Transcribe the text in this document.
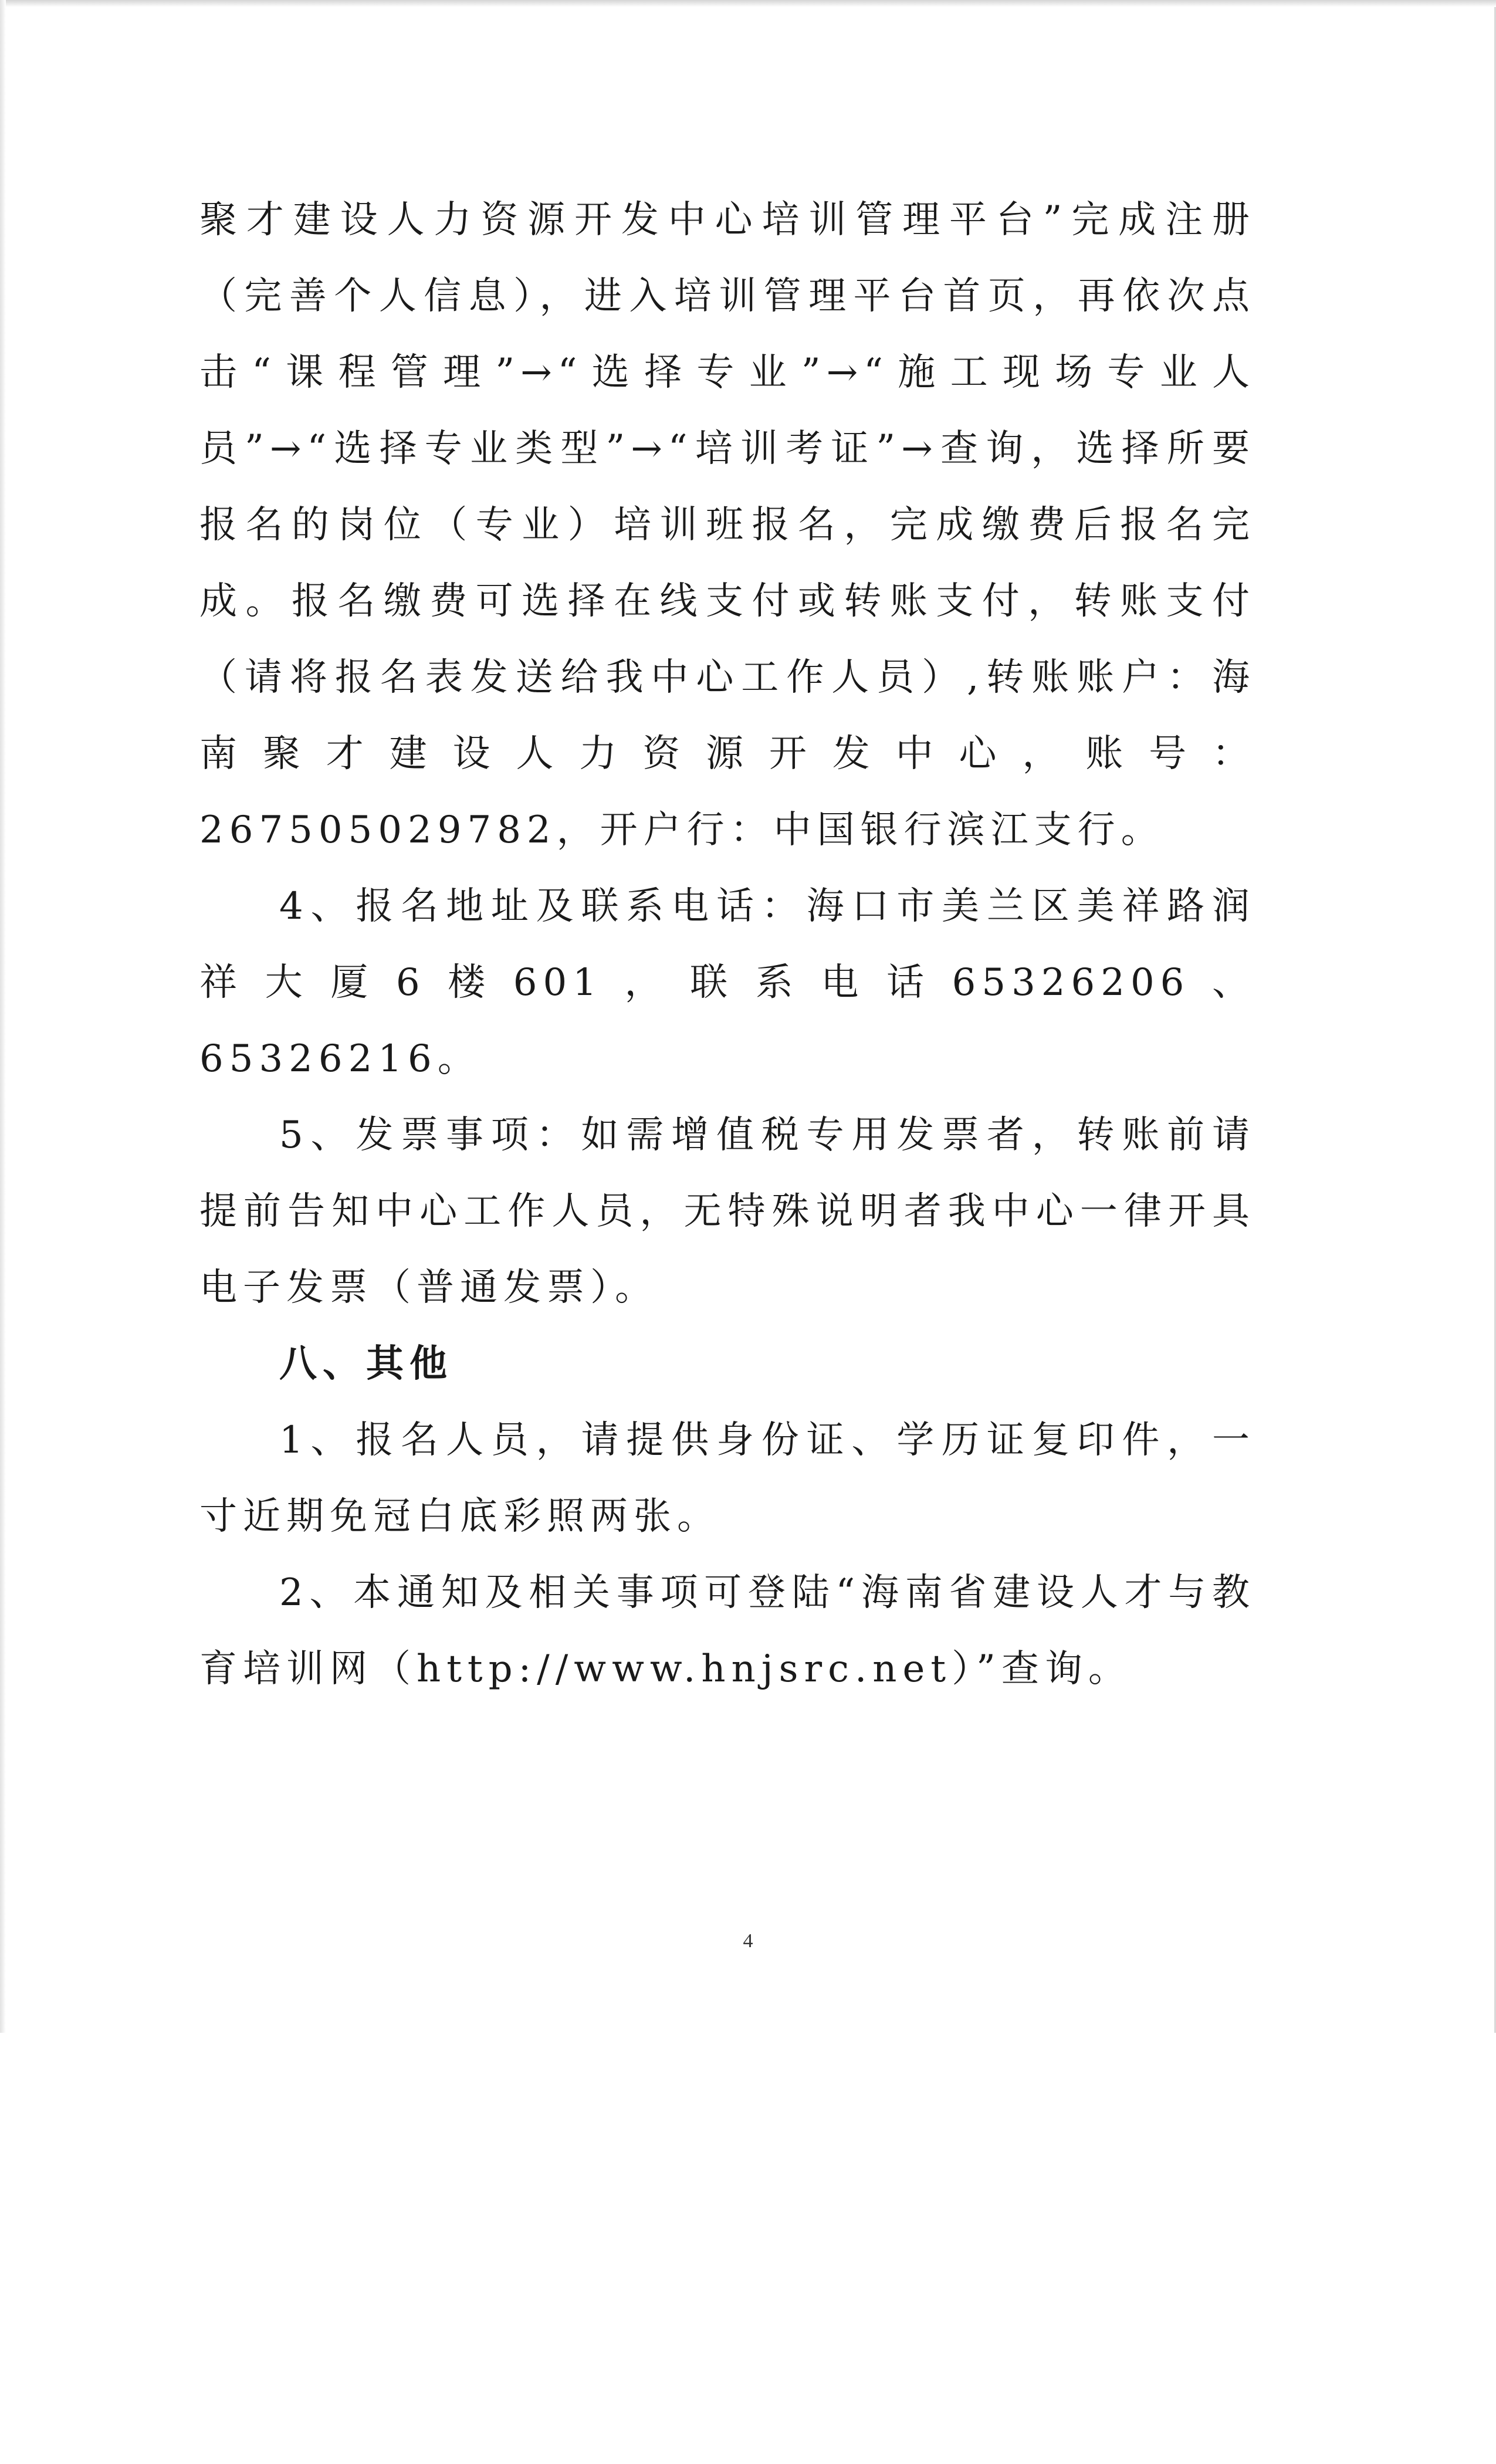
聚才建设人力资源开发中心培训管理平台”完成注册（完善个人信息），进入培训管理平台首页，再依次点击“课程管理”→“选择专业”→“施工现场专业人员”→“选择专业类型”→“培训考证”→查询，选择所要报名的岗位（专业）培训班报名，完成缴费后报名完成。报名缴费可选择在线支付或转账支付，转账支付（请将报名表发送给我中心工作人员）,转账账户：海南聚才建设人力资源开发中心，账号：267505029782，开户行：中国银行滨江支行。

4、报名地址及联系电话：海口市美兰区美祥路润祥大厦6楼601，联系电话65326206、65326216。

5、发票事项：如需增值税专用发票者，转账前请提前告知中心工作人员，无特殊说明者我中心一律开具电子发票（普通发票）。

八、其他

1、报名人员，请提供身份证、学历证复印件，一寸近期免冠白底彩照两张。

2、本通知及相关事项可登陆“海南省建设人才与教育培训网（http://www.hnjsrc.net）”查询。

4
